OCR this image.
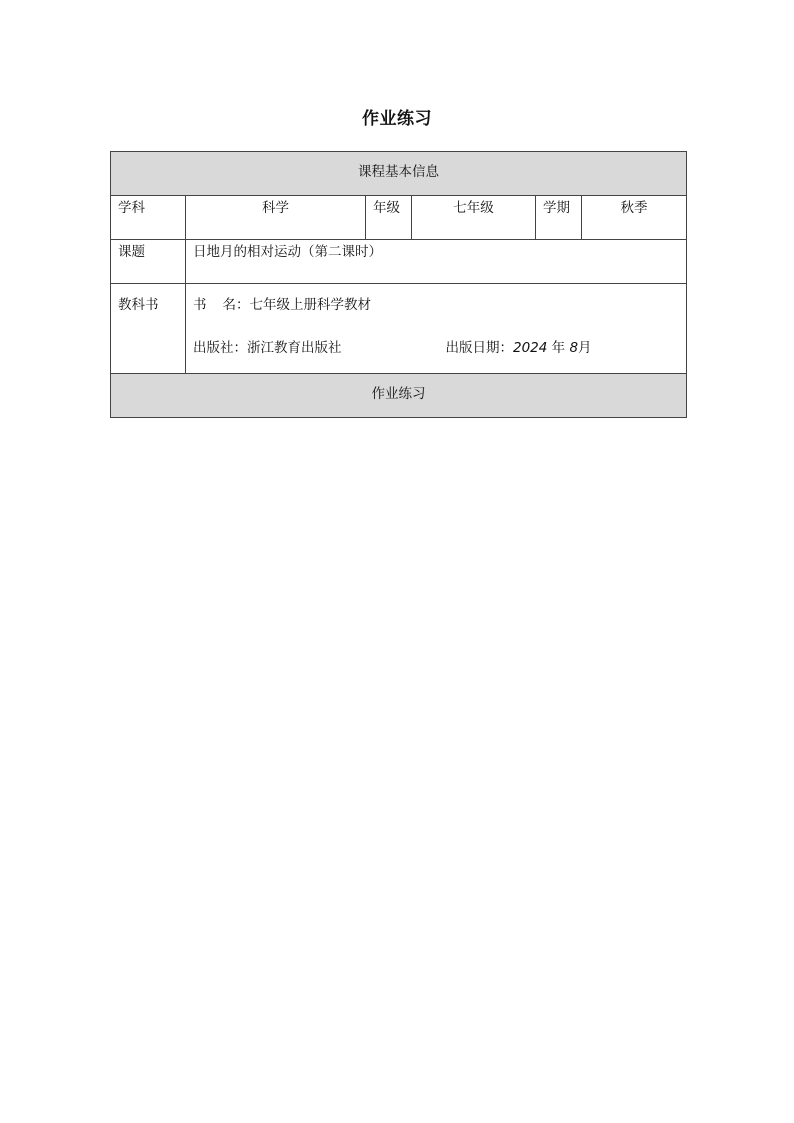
作业练习
课程基本信息					
学科	科学	年级	七年级	学期	秋季
课题	日地月的相对运动（第二课时）				
教科书	书 名：七年级上册科学教材
出版社：浙江教育出版社 出版日期：2024 年 8月				

作业练习					
